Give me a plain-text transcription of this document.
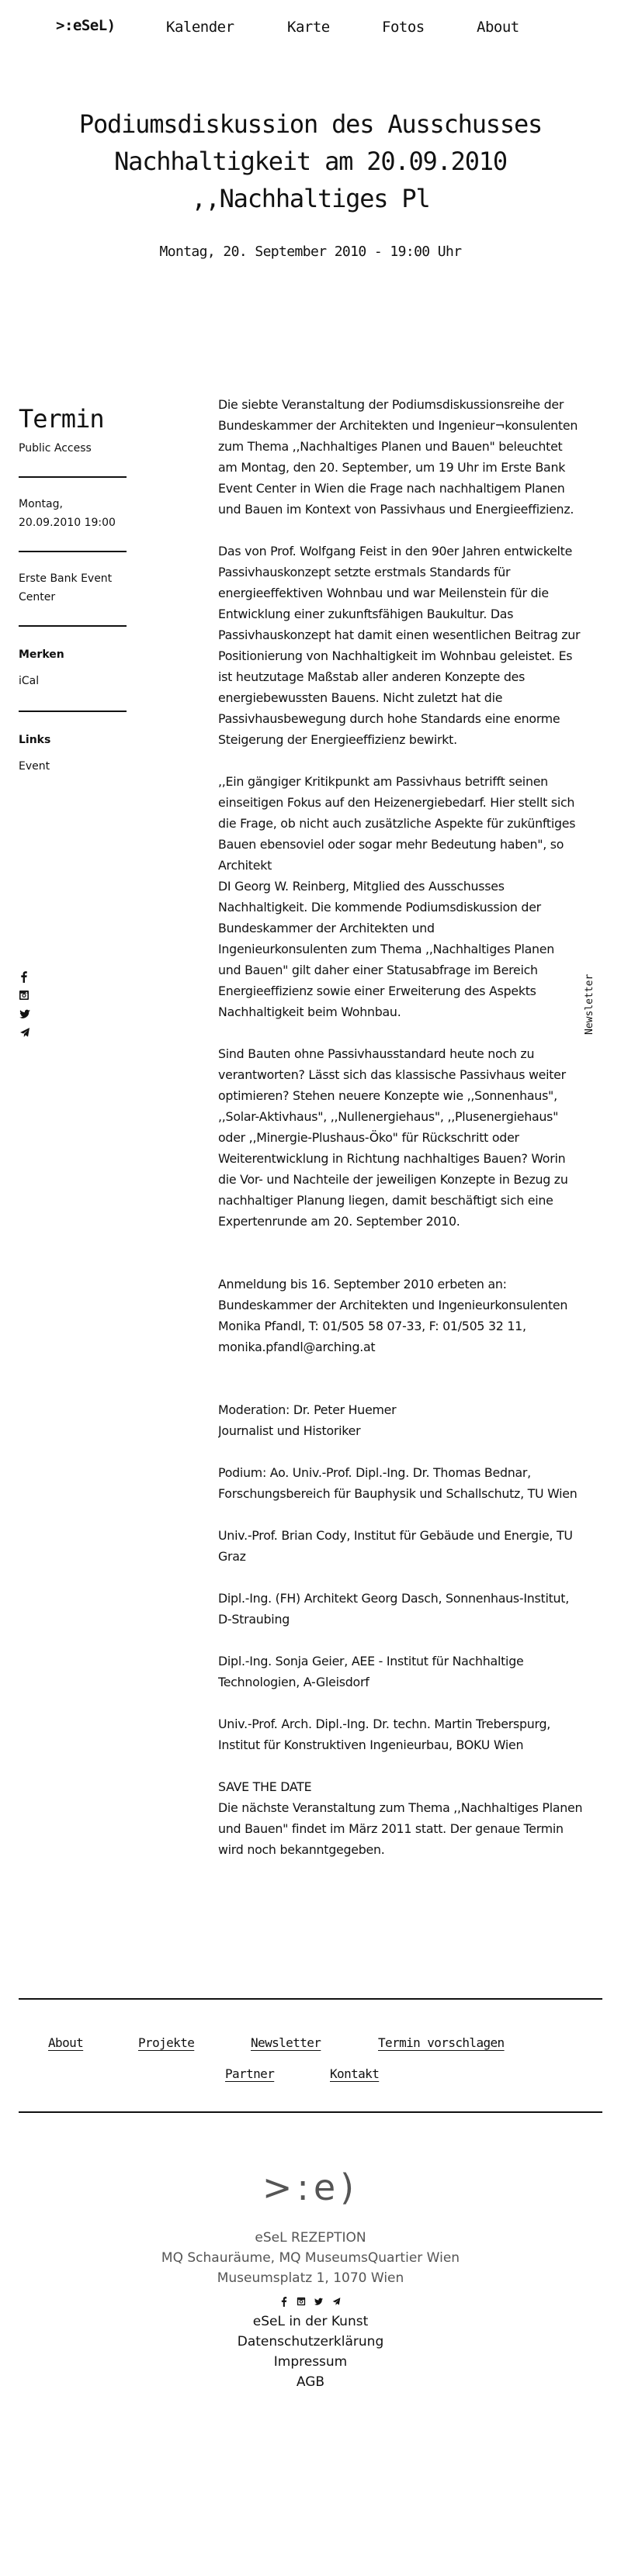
>:eSeL)	Kalender	Karte	Fotos	About
Podiumsdiskussion des Ausschusses
Nachhaltigkeit am 20.09.2010
,,Nachhaltiges Pl
Montag, 20. September 2010 - 19:00 Uhr
Termin
Public Access
Montag,
20.09.2010 19:00
Erste Bank Event Center
Merken
iCal
Links
Event
Newsletter

Die siebte Veranstaltung der Podiumsdiskussionsreihe der Bundeskammer der Architekten und Ingenieur¬konsulenten zum Thema ,,Nachhaltiges Planen und Bauen" beleuchtet am Montag, den 20. September, um 19 Uhr im Erste Bank Event Center in Wien die Frage nach nachhaltigem Planen und Bauen im Kontext von Passivhaus und Energieeffizienz.

Das von Prof. Wolfgang Feist in den 90er Jahren entwickelte Passivhauskonzept setzte erstmals Standards für energieeffektiven Wohnbau und war Meilenstein für die Entwicklung einer zukunftsfähigen Baukultur. Das Passivhauskonzept hat damit einen wesentlichen Beitrag zur Positionierung von Nachhaltigkeit im Wohnbau geleistet. Es ist heutzutage Maßstab aller anderen Konzepte des energiebewussten Bauens. Nicht zuletzt hat die Passivhausbewegung durch hohe Standards eine enorme Steigerung der Energieeffizienz bewirkt.

,,Ein gängiger Kritikpunkt am Passivhaus betrifft seinen einseitigen Fokus auf den Heizenergiebedarf. Hier stellt sich die Frage, ob nicht auch zusätzliche Aspekte für zukünftiges Bauen ebensoviel oder sogar mehr Bedeutung haben", so Architekt

DI Georg W. Reinberg, Mitglied des Ausschusses Nachhaltigkeit. Die kommende Podiumsdiskussion der Bundeskammer der Architekten und Ingenieurkonsulenten zum Thema ,,Nachhaltiges Planen und Bauen" gilt daher einer Statusabfrage im Bereich Energieeffizienz sowie einer Erweiterung des Aspekts Nachhaltigkeit beim Wohnbau.

Sind Bauten ohne Passivhausstandard heute noch zu verantworten? Lässt sich das klassische Passivhaus weiter optimieren? Stehen neuere Konzepte wie ,,Sonnenhaus", ,,Solar-Aktivhaus", ,,Nullenergiehaus", ,,Plusenergiehaus" oder ,,Minergie-Plushaus-Öko" für Rückschritt oder Weiterentwicklung in Richtung nachhaltiges Bauen? Worin die Vor- und Nachteile der jeweiligen Konzepte in Bezug zu nachhaltiger Planung liegen, damit beschäftigt sich eine Expertenrunde am 20. September 2010.

Anmeldung bis 16. September 2010 erbeten an:
Bundeskammer der Architekten und Ingenieurkonsulenten
Monika Pfandl, T: 01/505 58 07-33, F: 01/505 32 11, monika.pfandl@arching.at

Moderation: Dr. Peter Huemer
Journalist und Historiker

Podium: Ao. Univ.-Prof. Dipl.-Ing. Dr. Thomas Bednar, Forschungsbereich für Bauphysik und Schallschutz, TU Wien

Univ.-Prof. Brian Cody, Institut für Gebäude und Energie, TU Graz

Dipl.-Ing. (FH) Architekt Georg Dasch, Sonnenhaus-Institut, D-Straubing

Dipl.-Ing. Sonja Geier, AEE - Institut für Nachhaltige Technologien, A-Gleisdorf

Univ.-Prof. Arch. Dipl.-Ing. Dr. techn. Martin Treberspurg, Institut für Konstruktiven Ingenieurbau, BOKU Wien

SAVE THE DATE
Die nächste Veranstaltung zum Thema ,,Nachhaltiges Planen und Bauen" findet im März 2011 statt. Der genaue Termin wird noch bekanntgegeben.

About	Projekte	Newsletter	Termin vorschlagen
Partner	Kontakt
>:e)
eSeL REZEPTION
MQ Schauräume, MQ MuseumsQuartier Wien
Museumsplatz 1, 1070 Wien
eSeL in der Kunst
Datenschutzerklärung
Impressum
AGB
